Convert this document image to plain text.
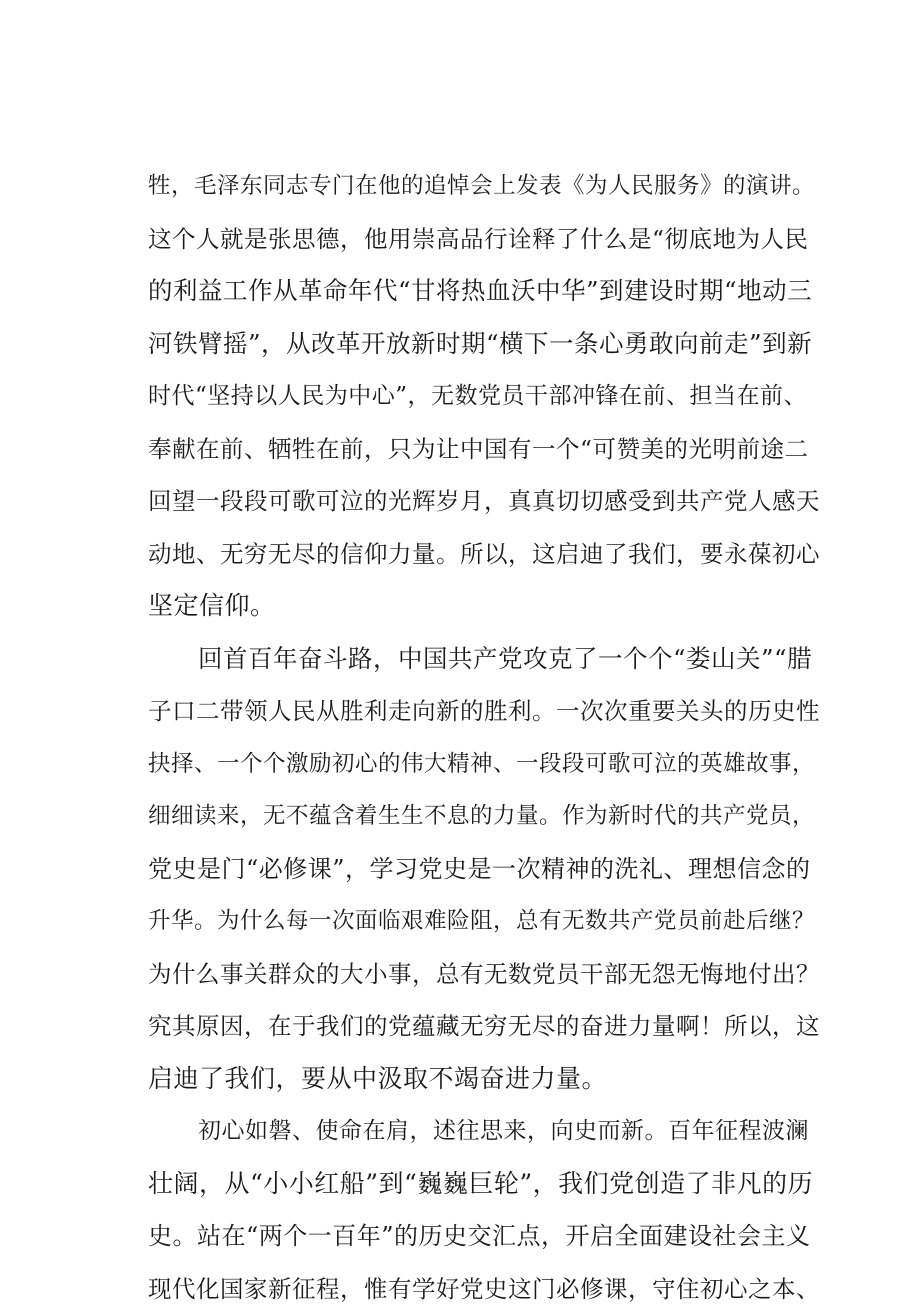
牲，毛泽东同志专门在他的追悼会上发表《为人民服务》的演讲。
这个人就是张思德，他用崇高品行诠释了什么是“彻底地为人民
的利益工作从革命年代“甘将热血沃中华”到建设时期“地动三
河铁臂摇”，从改革开放新时期“横下一条心勇敢向前走”到新
时代“坚持以人民为中心”，无数党员干部冲锋在前、担当在前、
奉献在前、牺牲在前，只为让中国有一个“可赞美的光明前途二
回望一段段可歌可泣的光辉岁月，真真切切感受到共产党人感天
动地、无穷无尽的信仰力量。所以，这启迪了我们，要永葆初心
坚定信仰。
回首百年奋斗路，中国共产党攻克了一个个“娄山关”“腊
子口二带领人民从胜利走向新的胜利。一次次重要关头的历史性
抉择、一个个激励初心的伟大精神、一段段可歌可泣的英雄故事，
细细读来，无不蕴含着生生不息的力量。作为新时代的共产党员，
党史是门“必修课”，学习党史是一次精神的洗礼、理想信念的
升华。为什么每一次面临艰难险阻，总有无数共产党员前赴后继？
为什么事关群众的大小事，总有无数党员干部无怨无悔地付出？
究其原因，在于我们的党蕴藏无穷无尽的奋进力量啊！所以，这
启迪了我们，要从中汲取不竭奋进力量。
初心如磐、使命在肩，述往思来，向史而新。百年征程波澜
壮阔，从“小小红船”到“巍巍巨轮”，我们党创造了非凡的历
史。站在“两个一百年”的历史交汇点，开启全面建设社会主义
现代化国家新征程，惟有学好党史这门必修课，守住初心之本、
